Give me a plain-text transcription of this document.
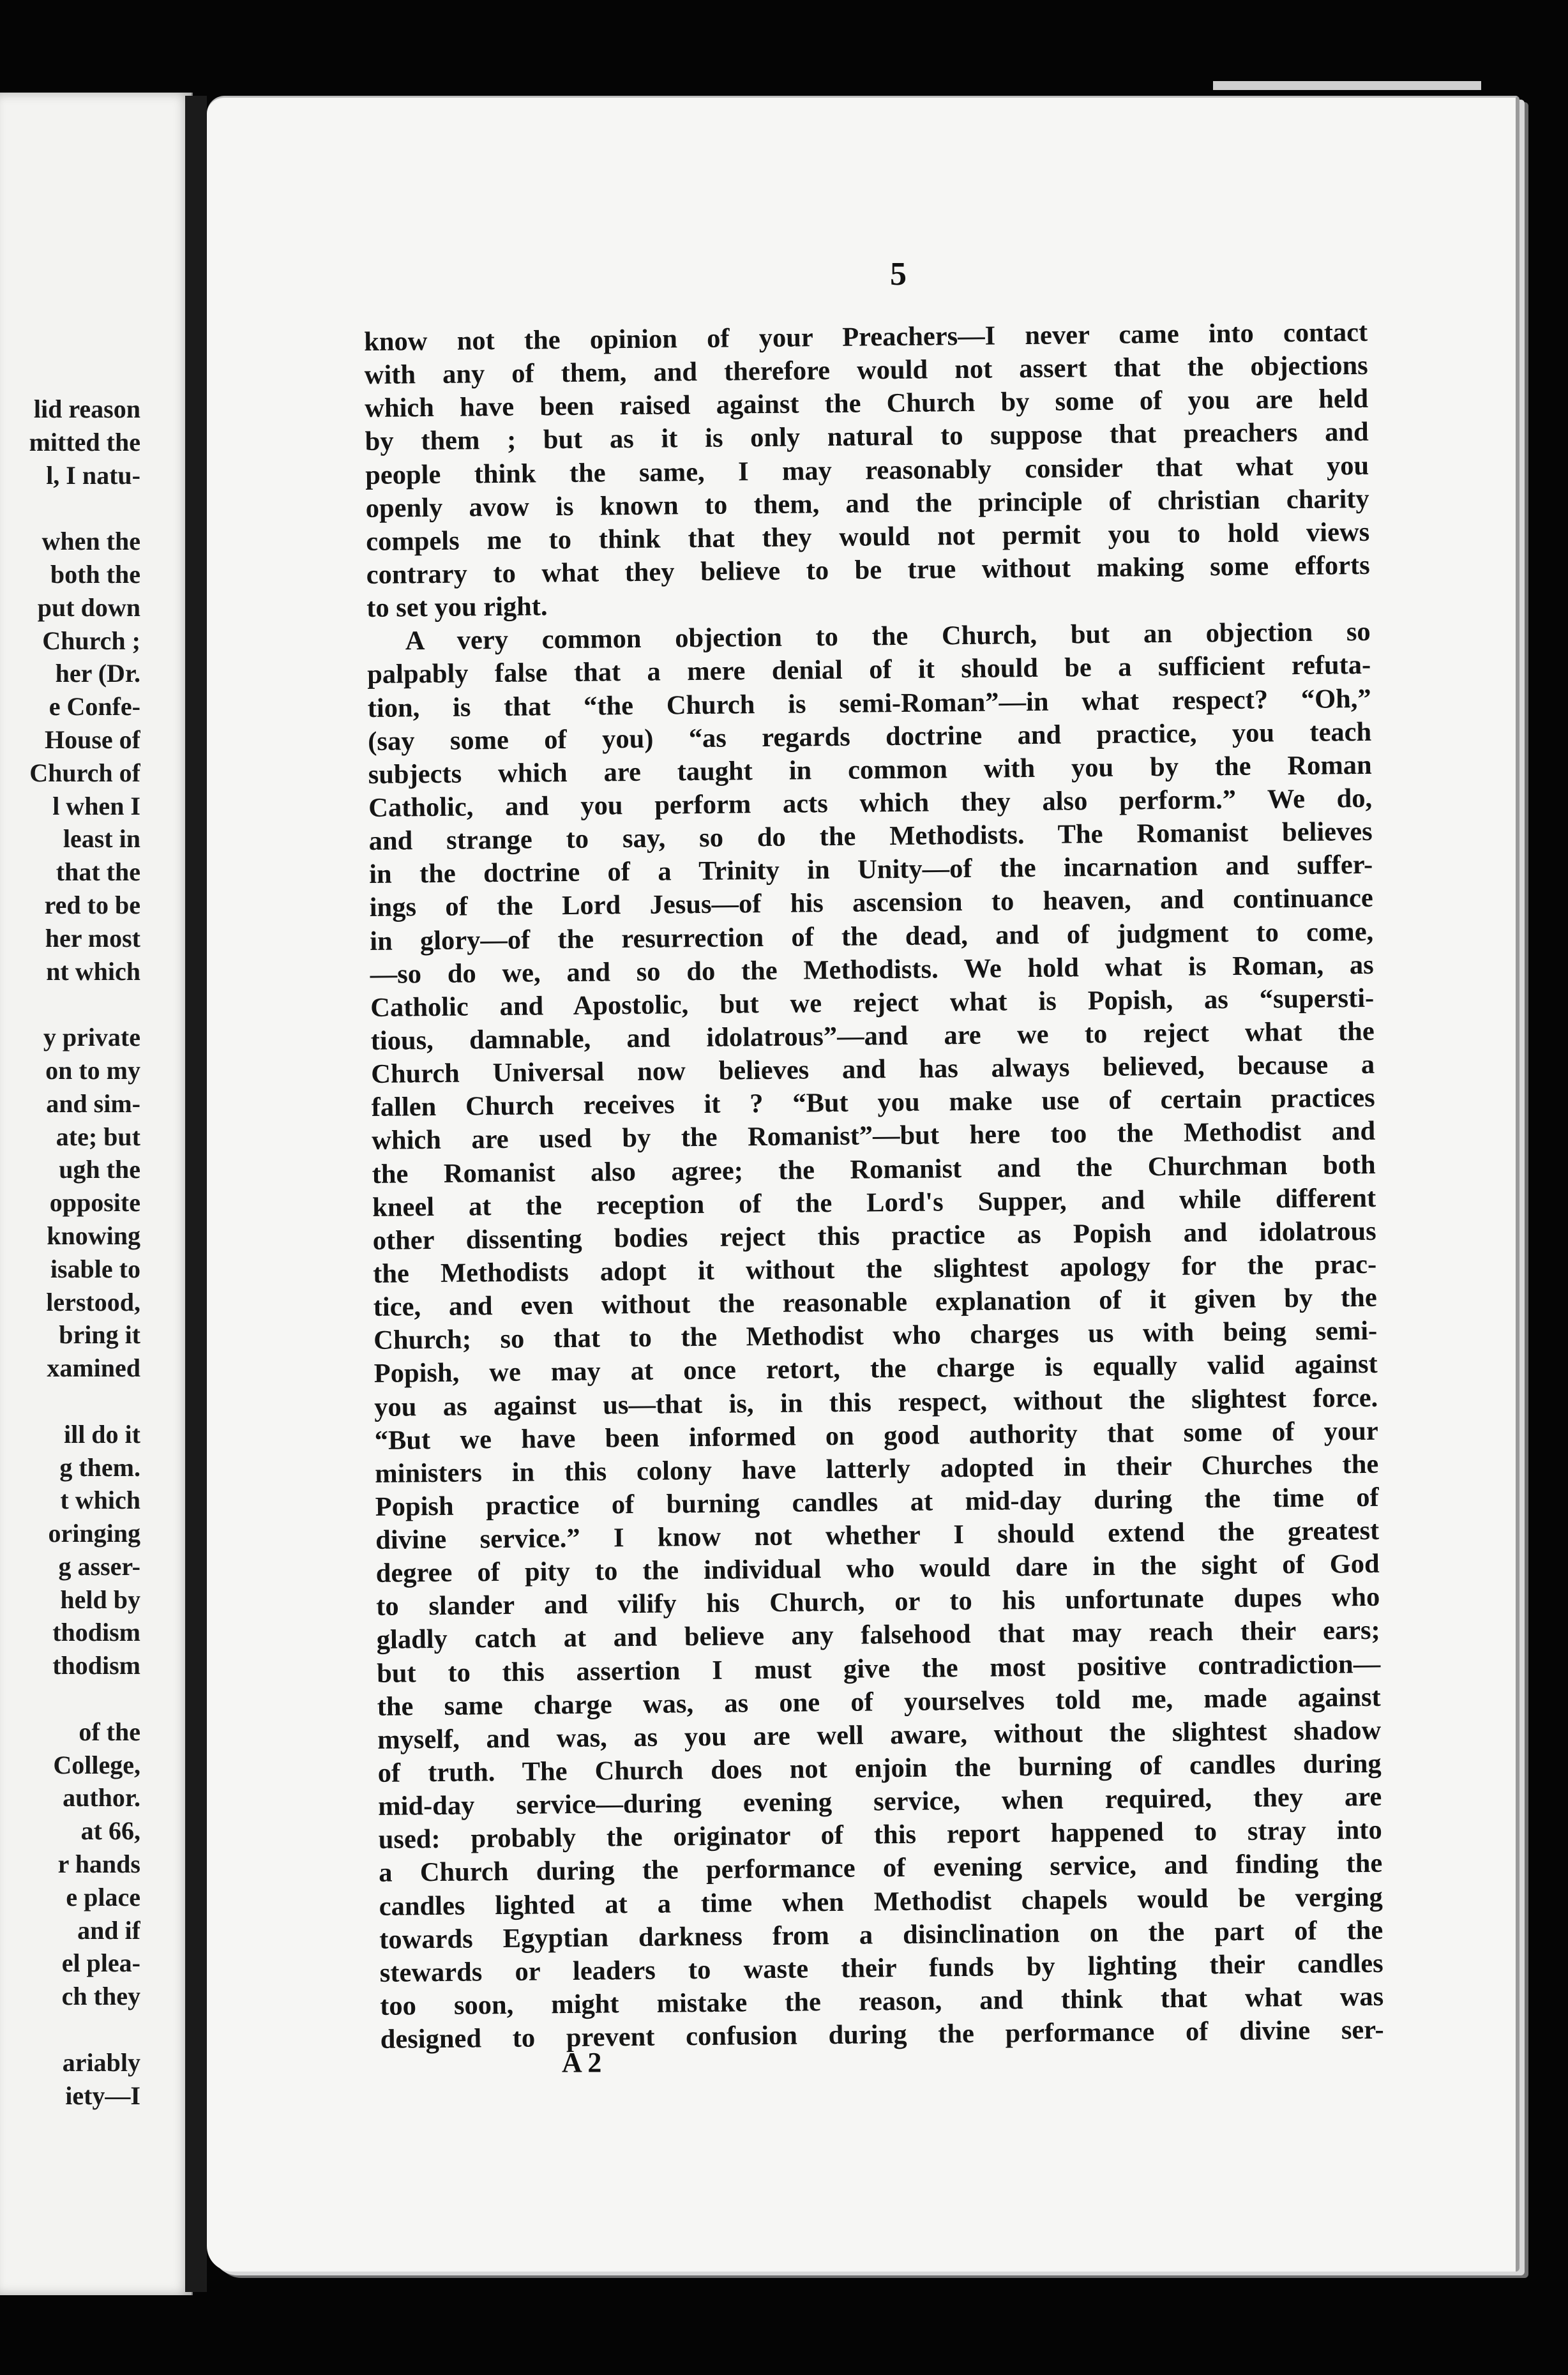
lid reason
mitted the
l, I natu-

when the
both the
put down
Church ;
her (Dr.
e Confe-
House of
Church of
l when I
least in
that the
red to be
her most
nt which

y private
on to my
and sim-
ate; but
ugh the
opposite
knowing
isable to
lerstood,
bring it
xamined

ill do it
g them.
t which
oringing
g asser-
held by
thodism
thodism

of the
College,
author.
at 66,
r hands
e place
and if
el plea-
ch they

ariably
iety—I
5
know not the opinion of your Preachers—I never came into contact
with any of them, and therefore would not assert that the objections
which have been raised against the Church by some of you are held
by them ; but as it is only natural to suppose that preachers and
people think the same, I may reasonably consider that what you
openly avow is known to them, and the principle of christian charity
compels me to think that they would not permit you to hold views
contrary to what they believe to be true without making some efforts
to set you right.
A very common objection to the Church, but an objection so
palpably false that a mere denial of it should be a sufficient refuta-
tion, is that “the Church is semi-Roman”—in what respect? “Oh,”
(say some of you) “as regards doctrine and practice, you teach
subjects which are taught in common with you by the Roman
Catholic, and you perform acts which they also perform.” We do,
and strange to say, so do the Methodists. The Romanist believes
in the doctrine of a Trinity in Unity—of the incarnation and suffer-
ings of the Lord Jesus—of his ascension to heaven, and continuance
in glory—of the resurrection of the dead, and of judgment to come,
—so do we, and so do the Methodists. We hold what is Roman, as
Catholic and Apostolic, but we reject what is Popish, as “supersti-
tious, damnable, and idolatrous”—and are we to reject what the
Church Universal now believes and has always believed, because a
fallen Church receives it ? “But you make use of certain practices
which are used by the Romanist”—but here too the Methodist and
the Romanist also agree; the Romanist and the Churchman both
kneel at the reception of the Lord's Supper, and while different
other dissenting bodies reject this practice as Popish and idolatrous
the Methodists adopt it without the slightest apology for the prac-
tice, and even without the reasonable explanation of it given by the
Church; so that to the Methodist who charges us with being semi-
Popish, we may at once retort, the charge is equally valid against
you as against us—that is, in this respect, without the slightest force.
“But we have been informed on good authority that some of your
ministers in this colony have latterly adopted in their Churches the
Popish practice of burning candles at mid-day during the time of
divine service.” I know not whether I should extend the greatest
degree of pity to the individual who would dare in the sight of God
to slander and vilify his Church, or to his unfortunate dupes who
gladly catch at and believe any falsehood that may reach their ears;
but to this assertion I must give the most positive contradiction—
the same charge was, as one of yourselves told me, made against
myself, and was, as you are well aware, without the slightest shadow
of truth. The Church does not enjoin the burning of candles during
mid-day service—during evening service, when required, they are
used: probably the originator of this report happened to stray into
a Church during the performance of evening service, and finding the
candles lighted at a time when Methodist chapels would be verging
towards Egyptian darkness from a disinclination on the part of the
stewards or leaders to waste their funds by lighting their candles
too soon, might mistake the reason, and think that what was
designed to prevent confusion during the performance of divine ser-
A 2
